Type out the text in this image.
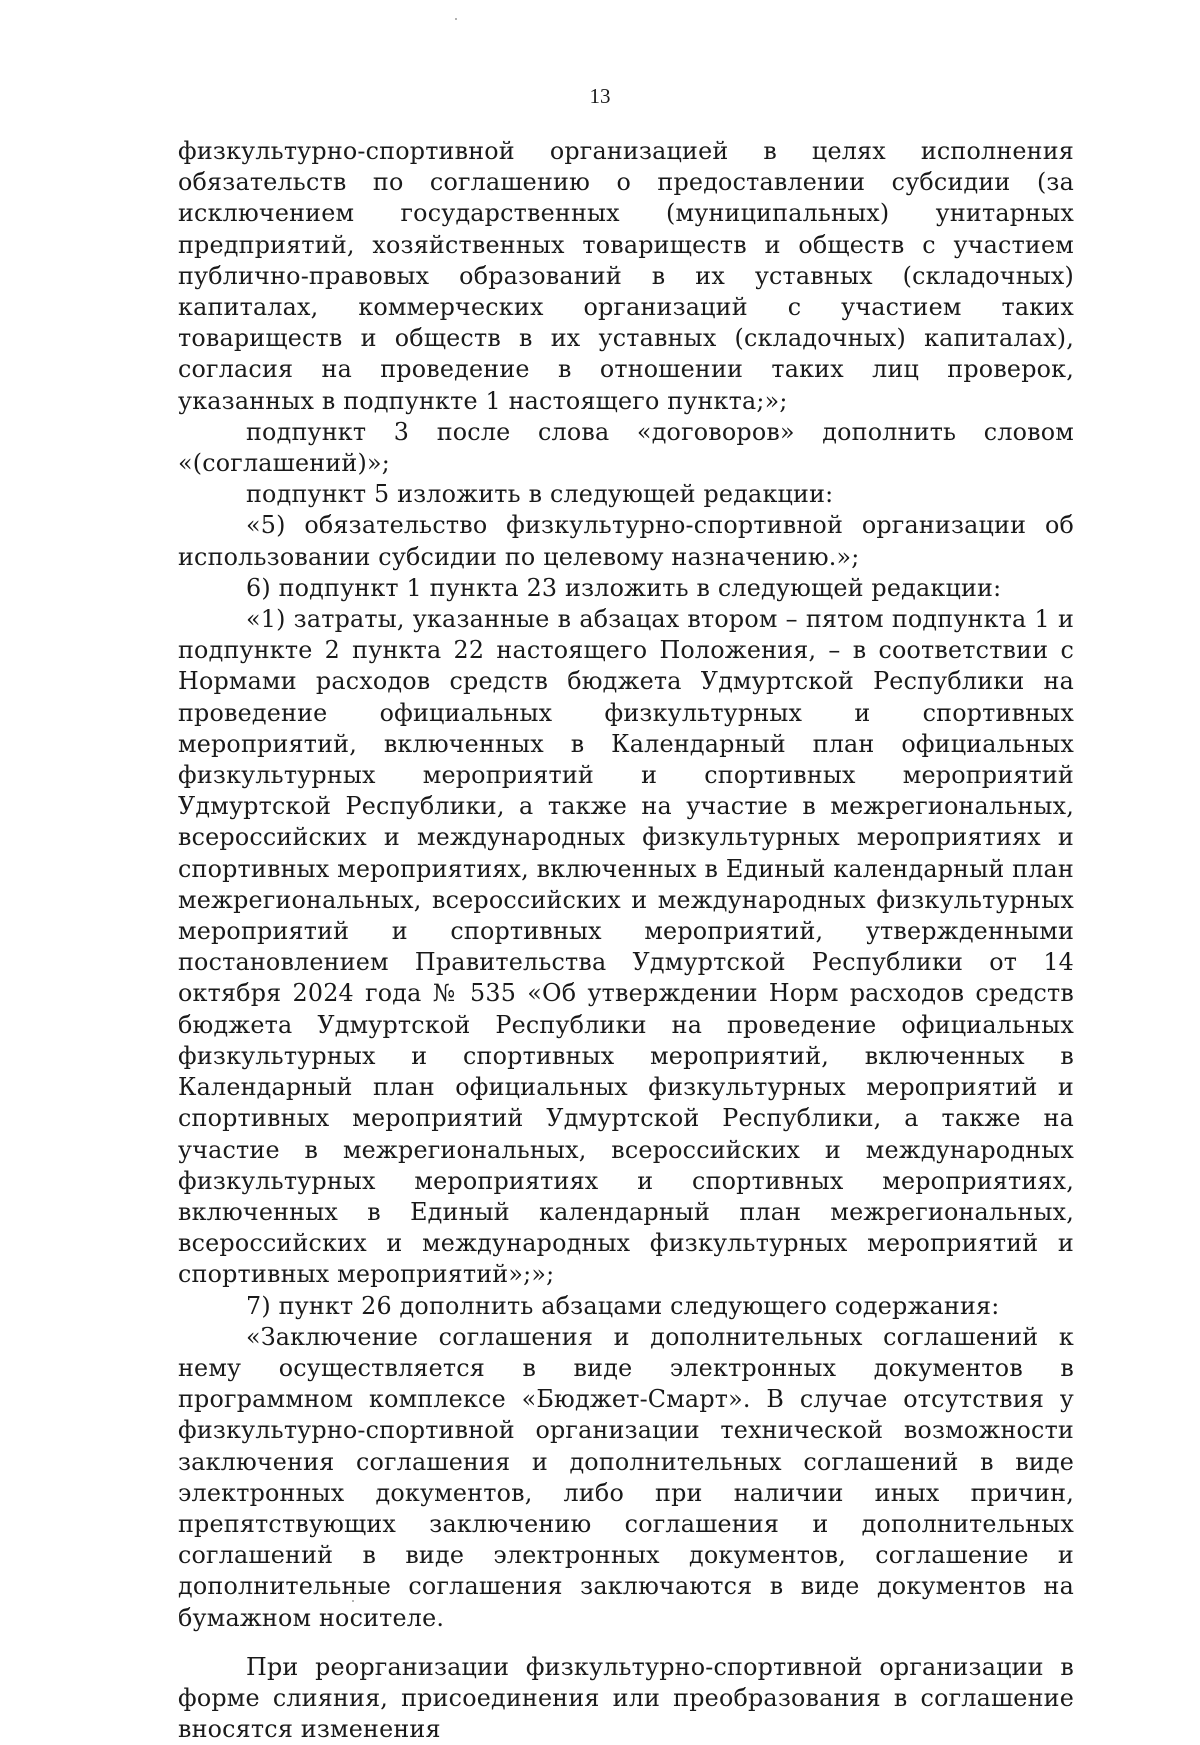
13

физкультурно-спортивной организацией в целях исполнения обязательств по соглашению о предоставлении субсидии (за исключением государственных (муниципальных) унитарных предприятий, хозяйственных товариществ и обществ с участием публично-правовых образований в их уставных (складочных) капиталах, коммерческих организаций с участием таких товариществ и обществ в их уставных (складочных) капиталах), согласия на проведение в отношении таких лиц проверок, указанных в подпункте 1 настоящего пункта;»;

подпункт 3 после слова «договоров» дополнить словом «(соглашений)»;

подпункт 5 изложить в следующей редакции:

«5) обязательство физкультурно-спортивной организации об использовании субсидии по целевому назначению.»;

6) подпункт 1 пункта 23 изложить в следующей редакции:

«1) затраты, указанные в абзацах втором – пятом подпункта 1 и подпункте 2 пункта 22 настоящего Положения, – в соответствии с Нормами расходов средств бюджета Удмуртской Республики на проведение официальных физкультурных и спортивных мероприятий, включенных в Календарный план официальных физкультурных мероприятий и спортивных мероприятий Удмуртской Республики, а также на участие в межрегиональных, всероссийских и международных физкультурных мероприятиях и спортивных мероприятиях, включенных в Единый календарный план межрегиональных, всероссийских и международных физкультурных мероприятий и спортивных мероприятий, утвержденными постановлением Правительства Удмуртской Республики от 14 октября 2024 года № 535 «Об утверждении Норм расходов средств бюджета Удмуртской Республики на проведение официальных физкультурных и спортивных мероприятий, включенных в Календарный план официальных физкультурных мероприятий и спортивных мероприятий Удмуртской Республики, а также на участие в межрегиональных, всероссийских и международных физкультурных мероприятиях и спортивных мероприятиях, включенных в Единый календарный план межрегиональных, всероссийских и международных физкультурных мероприятий и спортивных мероприятий»;»;

7) пункт 26 дополнить абзацами следующего содержания:

«Заключение соглашения и дополнительных соглашений к нему осуществляется в виде электронных документов в программном комплексе «Бюджет-Смарт». В случае отсутствия у физкультурно-спортивной организации технической возможности заключения соглашения и дополнительных соглашений в виде электронных документов, либо при наличии иных причин, препятствующих заключению соглашения и дополнительных соглашений в виде электронных документов, соглашение и дополнительные соглашения заключаются в виде документов на бумажном носителе.

При реорганизации физкультурно-спортивной организации в форме слияния, присоединения или преобразования в соглашение вносятся изменения
